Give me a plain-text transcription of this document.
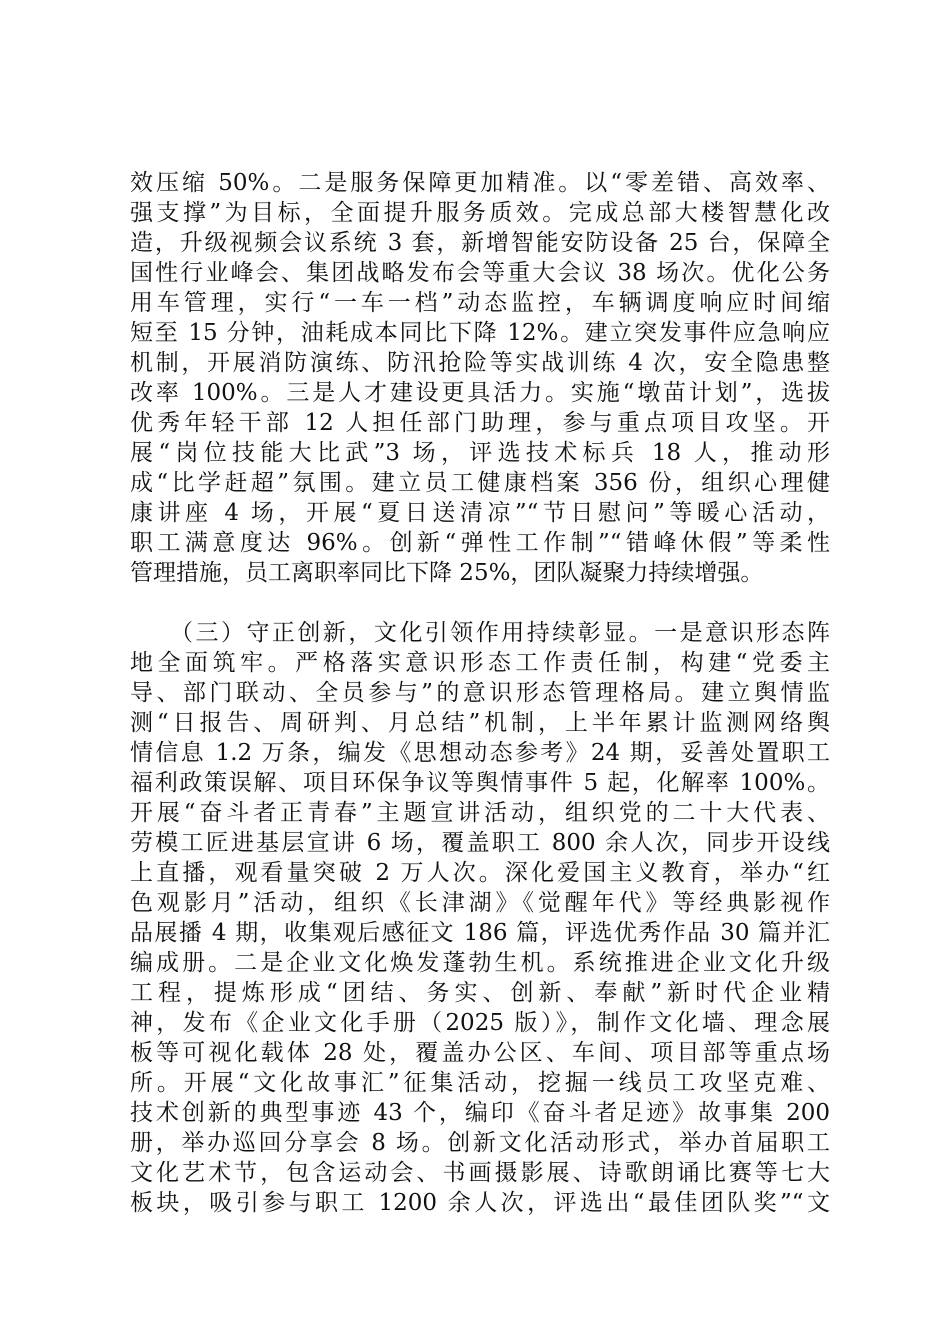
效压缩 50%。二是服务保障更加精准。以“零差错、高效率、

强支撑”为目标，全面提升服务质效。完成总部大楼智慧化改

造，升级视频会议系统 3 套，新增智能安防设备 25 台，保障全

国性行业峰会、集团战略发布会等重大会议 38 场次。优化公务

用车管理，实行“一车一档”动态监控，车辆调度响应时间缩

短至 15 分钟，油耗成本同比下降 12%。建立突发事件应急响应

机制，开展消防演练、防汛抢险等实战训练 4 次，安全隐患整

改率 100%。三是人才建设更具活力。实施“墩苗计划”，选拔

优秀年轻干部 12 人担任部门助理，参与重点项目攻坚。开

展“岗位技能大比武”3 场，评选技术标兵 18 人，推动形

成“比学赶超”氛围。建立员工健康档案 356 份，组织心理健

康讲座 4 场，开展“夏日送清凉”“节日慰问”等暖心活动，

职工满意度达 96%。创新“弹性工作制”“错峰休假”等柔性

管理措施，员工离职率同比下降 25%，团队凝聚力持续增强。

（三）守正创新，文化引领作用持续彰显。一是意识形态阵

地全面筑牢。严格落实意识形态工作责任制，构建“党委主

导、部门联动、全员参与”的意识形态管理格局。建立舆情监

测“日报告、周研判、月总结”机制，上半年累计监测网络舆

情信息 1.2 万条，编发《思想动态参考》24 期，妥善处置职工

福利政策误解、项目环保争议等舆情事件 5 起，化解率 100%。

开展“奋斗者正青春”主题宣讲活动，组织党的二十大代表、

劳模工匠进基层宣讲 6 场，覆盖职工 800 余人次，同步开设线

上直播，观看量突破 2 万人次。深化爱国主义教育，举办“红

色观影月”活动，组织《长津湖》《觉醒年代》等经典影视作

品展播 4 期，收集观后感征文 186 篇，评选优秀作品 30 篇并汇

编成册。二是企业文化焕发蓬勃生机。系统推进企业文化升级

工程，提炼形成“团结、务实、创新、奉献”新时代企业精

神，发布《企业文化手册（2025 版）》，制作文化墙、理念展

板等可视化载体 28 处，覆盖办公区、车间、项目部等重点场

所。开展“文化故事汇”征集活动，挖掘一线员工攻坚克难、

技术创新的典型事迹 43 个，编印《奋斗者足迹》故事集 200

册，举办巡回分享会 8 场。创新文化活动形式，举办首届职工

文化艺术节，包含运动会、书画摄影展、诗歌朗诵比赛等七大

板块，吸引参与职工 1200 余人次，评选出“最佳团队奖”“文
